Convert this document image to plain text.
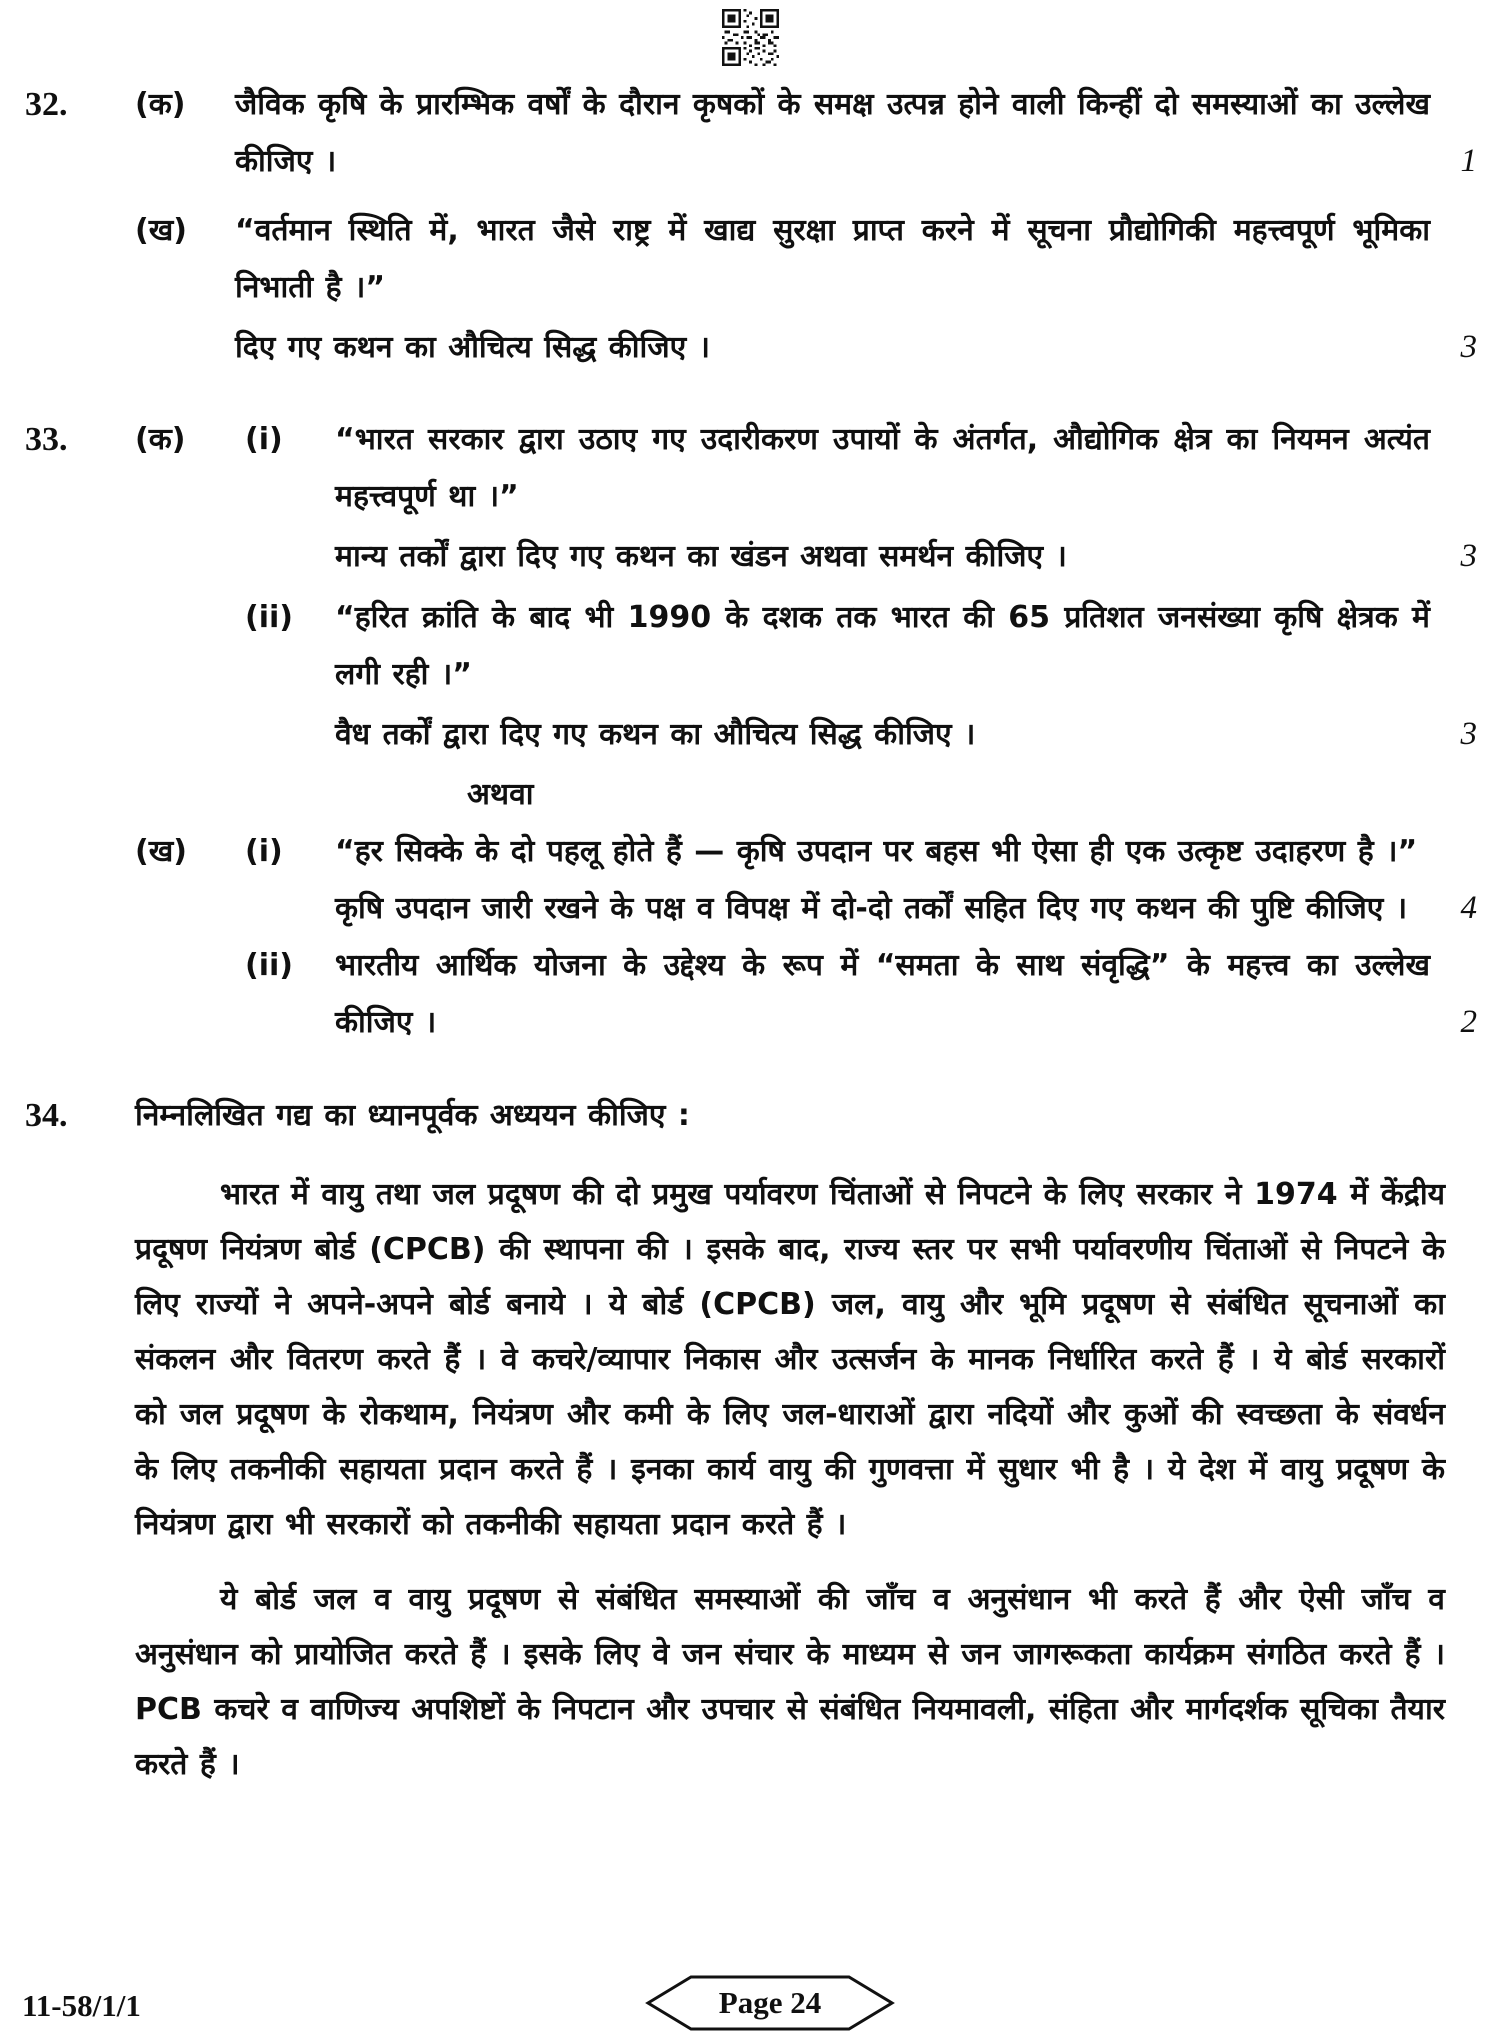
32.	(क)	जैविक कृषि के प्रारम्भिक वर्षों के दौरान कृषकों के समक्ष उत्पन्न होने वाली किन्हीं दो समस्याओं का उल्लेख कीजिए ।	1
(ख)	“वर्तमान स्थिति में, भारत जैसे राष्ट्र में खाद्य सुरक्षा प्राप्त करने में सूचना प्रौद्योगिकी महत्त्वपूर्ण भूमिका निभाती है ।”

दिए गए कथन का औचित्य सिद्ध कीजिए ।	3
33.	(क)	(i)	“भारत सरकार द्वारा उठाए गए उदारीकरण उपायों के अंतर्गत, औद्योगिक क्षेत्र का नियमन अत्यंत महत्त्वपूर्ण था ।”

मान्य तर्कों द्वारा दिए गए कथन का खंडन अथवा समर्थन कीजिए ।	3
(ii)	“हरित क्रांति के बाद भी 1990 के दशक तक भारत की 65 प्रतिशत जनसंख्या कृषि क्षेत्रक में लगी रही ।”

वैध तर्कों द्वारा दिए गए कथन का औचित्य सिद्ध कीजिए ।	3
अथवा
(ख)	(i)	“हर सिक्के के दो पहलू होते हैं — कृषि उपदान पर बहस भी ऐसा ही एक उत्कृष्ट उदाहरण है ।”

कृषि उपदान जारी रखने के पक्ष व विपक्ष में दो-दो तर्कों सहित दिए गए कथन की पुष्टि कीजिए ।	4
(ii)	भारतीय आर्थिक योजना के उद्देश्य के रूप में “समता के साथ संवृद्धि” के महत्त्व का उल्लेख कीजिए ।	2
34.	निम्नलिखित गद्य का ध्यानपूर्वक अध्ययन कीजिए :

भारत में वायु तथा जल प्रदूषण की दो प्रमुख पर्यावरण चिंताओं से निपटने के लिए सरकार ने 1974 में केंद्रीय प्रदूषण नियंत्रण बोर्ड (CPCB) की स्थापना की । इसके बाद, राज्य स्तर पर सभी पर्यावरणीय चिंताओं से निपटने के लिए राज्यों ने अपने-अपने बोर्ड बनाये । ये बोर्ड (CPCB) जल, वायु और भूमि प्रदूषण से संबंधित सूचनाओं का संकलन और वितरण करते हैं । वे कचरे/व्यापार निकास और उत्सर्जन के मानक निर्धारित करते हैं । ये बोर्ड सरकारों को जल प्रदूषण के रोकथाम, नियंत्रण और कमी के लिए जल-धाराओं द्वारा नदियों और कुओं की स्वच्छता के संवर्धन के लिए तकनीकी सहायता प्रदान करते हैं । इनका कार्य वायु की गुणवत्ता में सुधार भी है । ये देश में वायु प्रदूषण के नियंत्रण द्वारा भी सरकारों को तकनीकी सहायता प्रदान करते हैं ।

ये बोर्ड जल व वायु प्रदूषण से संबंधित समस्याओं की जाँच व अनुसंधान भी करते हैं और ऐसी जाँच व अनुसंधान को प्रायोजित करते हैं । इसके लिए वे जन संचार के माध्यम से जन जागरूकता कार्यक्रम संगठित करते हैं । PCB कचरे व वाणिज्य अपशिष्टों के निपटान और उपचार से संबंधित नियमावली, संहिता और मार्गदर्शक सूचिका तैयार करते हैं ।

11-58/1/1	Page 24
